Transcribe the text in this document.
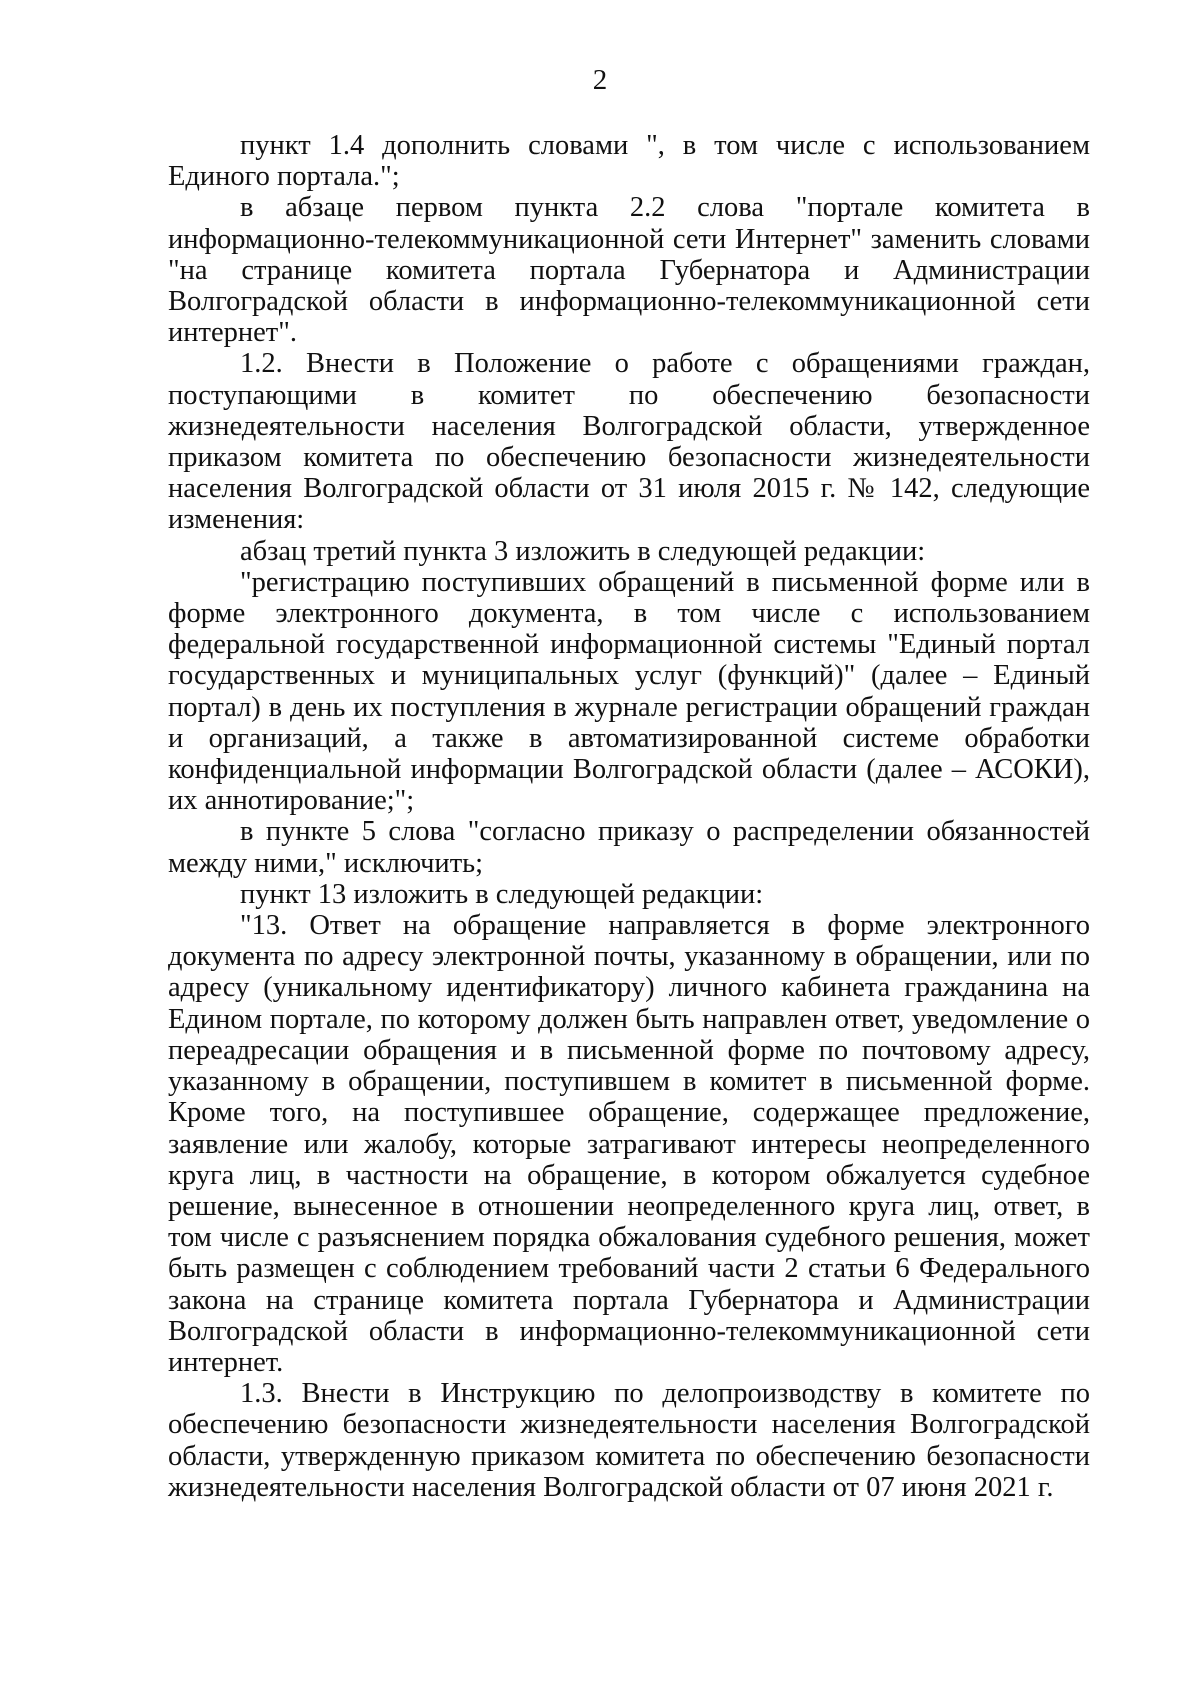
2

пункт 1.4 дополнить словами ", в том числе с использованием Единого портала.";

в абзаце первом пункта 2.2 слова "портале комитета в информационно-телекоммуникационной сети Интернет" заменить словами "на странице комитета портала Губернатора и Администрации Волгоградской области в информационно-телекоммуникационной сети интернет".

1.2. Внести в Положение о работе с обращениями граждан, поступающими в комитет по обеспечению безопасности жизнедеятельности населения Волгоградской области, утвержденное приказом комитета по обеспечению безопасности жизнедеятельности населения Волгоградской области от 31 июля 2015 г. № 142, следующие изменения:

абзац третий пункта 3 изложить в следующей редакции:

"регистрацию поступивших обращений в письменной форме или в форме электронного документа, в том числе с использованием федеральной государственной информационной системы "Единый портал государственных и муниципальных услуг (функций)" (далее – Единый портал) в день их поступления в журнале регистрации обращений граждан и организаций, а также в автоматизированной системе обработки конфиденциальной информации Волгоградской области (далее – АСОКИ), их аннотирование;";

в пункте 5 слова "согласно приказу о распределении обязанностей между ними," исключить;

пункт 13 изложить в следующей редакции:

"13. Ответ на обращение направляется в форме электронного документа по адресу электронной почты, указанному в обращении, или по адресу (уникальному идентификатору) личного кабинета гражданина на Едином портале, по которому должен быть направлен ответ, уведомление о переадресации обращения и в письменной форме по почтовому адресу, указанному в обращении, поступившем в комитет в письменной форме. Кроме того, на поступившее обращение, содержащее предложение, заявление или жалобу, которые затрагивают интересы неопределенного круга лиц, в частности на обращение, в котором обжалуется судебное решение, вынесенное в отношении неопределенного круга лиц, ответ, в том числе с разъяснением порядка обжалования судебного решения, может быть размещен с соблюдением требований части 2 статьи 6 Федерального закона на странице комитета портала Губернатора и Администрации Волгоградской области в информационно-телекоммуникационной сети интернет.

1.3. Внести в Инструкцию по делопроизводству в комитете по обеспечению безопасности жизнедеятельности населения Волгоградской области, утвержденную приказом комитета по обеспечению безопасности жизнедеятельности населения Волгоградской области от 07 июня 2021 г.
